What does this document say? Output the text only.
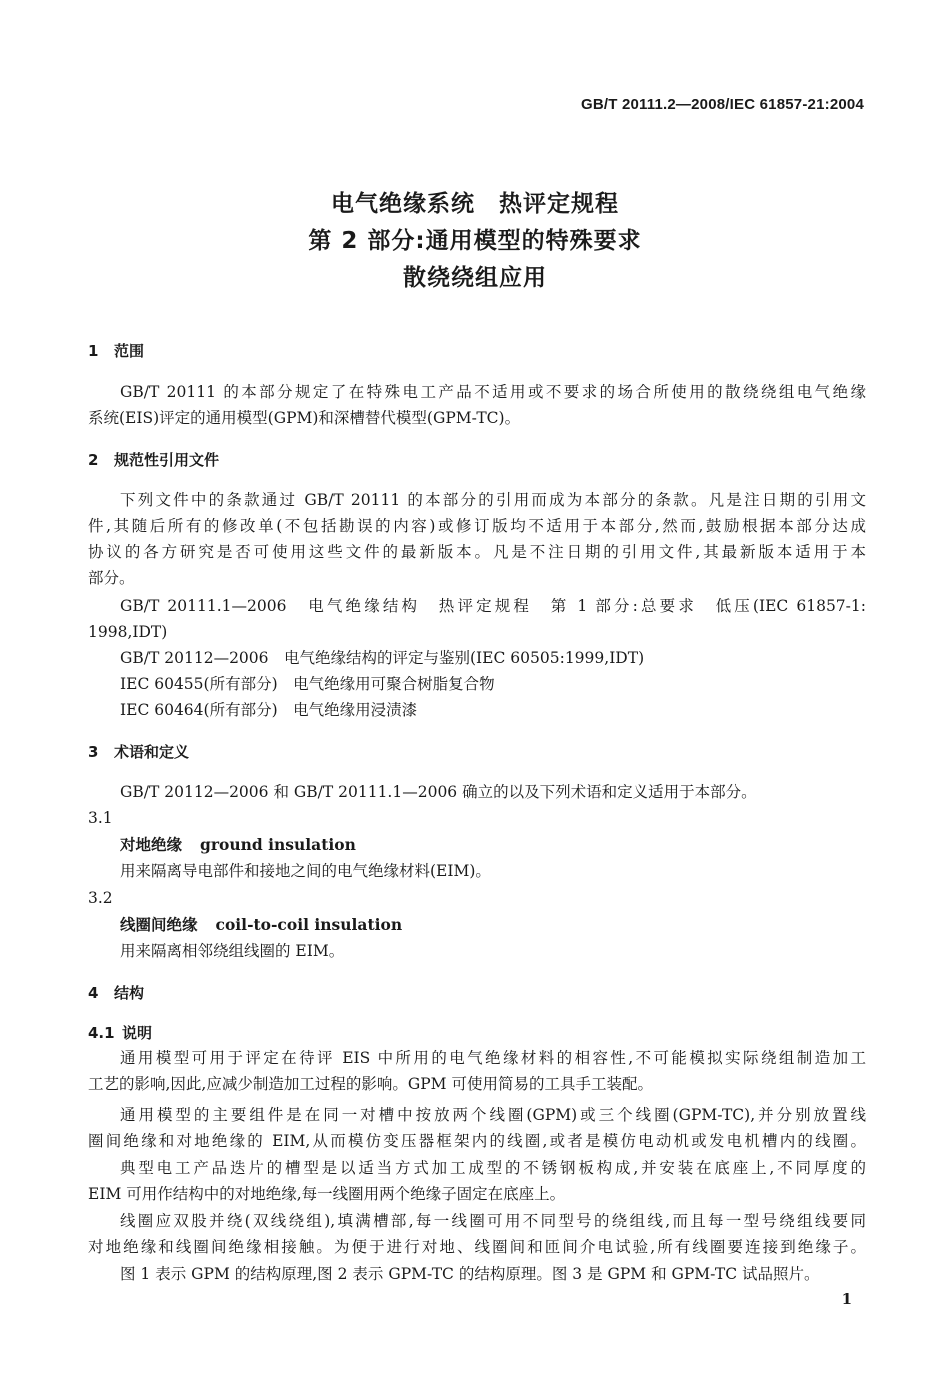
GB/T 20111.2—2008/IEC 61857-21:2004
电气绝缘系统　热评定规程
第 2 部分:通用模型的特殊要求
散绕绕组应用
1 范围
GB/T 20111 的本部分规定了在特殊电工产品不适用或不要求的场合所使用的散绕绕组电气绝缘
系统(EIS)评定的通用模型(GPM)和深槽替代模型(GPM-TC)。
2 规范性引用文件
下列文件中的条款通过 GB/T 20111 的本部分的引用而成为本部分的条款。凡是注日期的引用文
件,其随后所有的修改单(不包括勘误的内容)或修订版均不适用于本部分,然而,鼓励根据本部分达成
协议的各方研究是否可使用这些文件的最新版本。凡是不注日期的引用文件,其最新版本适用于本
部分。
GB/T 20111.1—2006　电气绝缘结构　热评定规程　第 1 部分:总要求　低压(IEC 61857-1:
1998,IDT)
GB/T 20112—2006　电气绝缘结构的评定与鉴别(IEC 60505:1999,IDT)
IEC 60455(所有部分)　电气绝缘用可聚合树脂复合物
IEC 60464(所有部分)　电气绝缘用浸渍漆
3 术语和定义
GB/T 20112—2006 和 GB/T 20111.1—2006 确立的以及下列术语和定义适用于本部分。
3.1
对地绝缘 ground insulation
用来隔离导电部件和接地之间的电气绝缘材料(EIM)。
3.2
线圈间绝缘 coil-to-coil insulation
用来隔离相邻绕组线圈的 EIM。
4 结构
4.1 说明
通用模型可用于评定在待评 EIS 中所用的电气绝缘材料的相容性,不可能模拟实际绕组制造加工
工艺的影响,因此,应减少制造加工过程的影响。GPM 可使用简易的工具手工装配。
通用模型的主要组件是在同一对槽中按放两个线圈(GPM)或三个线圈(GPM-TC),并分别放置线
圈间绝缘和对地绝缘的 EIM,从而模仿变压器框架内的线圈,或者是模仿电动机或发电机槽内的线圈。
典型电工产品迭片的槽型是以适当方式加工成型的不锈钢板构成,并安装在底座上,不同厚度的
EIM 可用作结构中的对地绝缘,每一线圈用两个绝缘子固定在底座上。
线圈应双股并绕(双线绕组),填满槽部,每一线圈可用不同型号的绕组线,而且每一型号绕组线要同
对地绝缘和线圈间绝缘相接触。为便于进行对地、线圈间和匝间介电试验,所有线圈要连接到绝缘子。
图 1 表示 GPM 的结构原理,图 2 表示 GPM-TC 的结构原理。图 3 是 GPM 和 GPM-TC 试品照片。
1
